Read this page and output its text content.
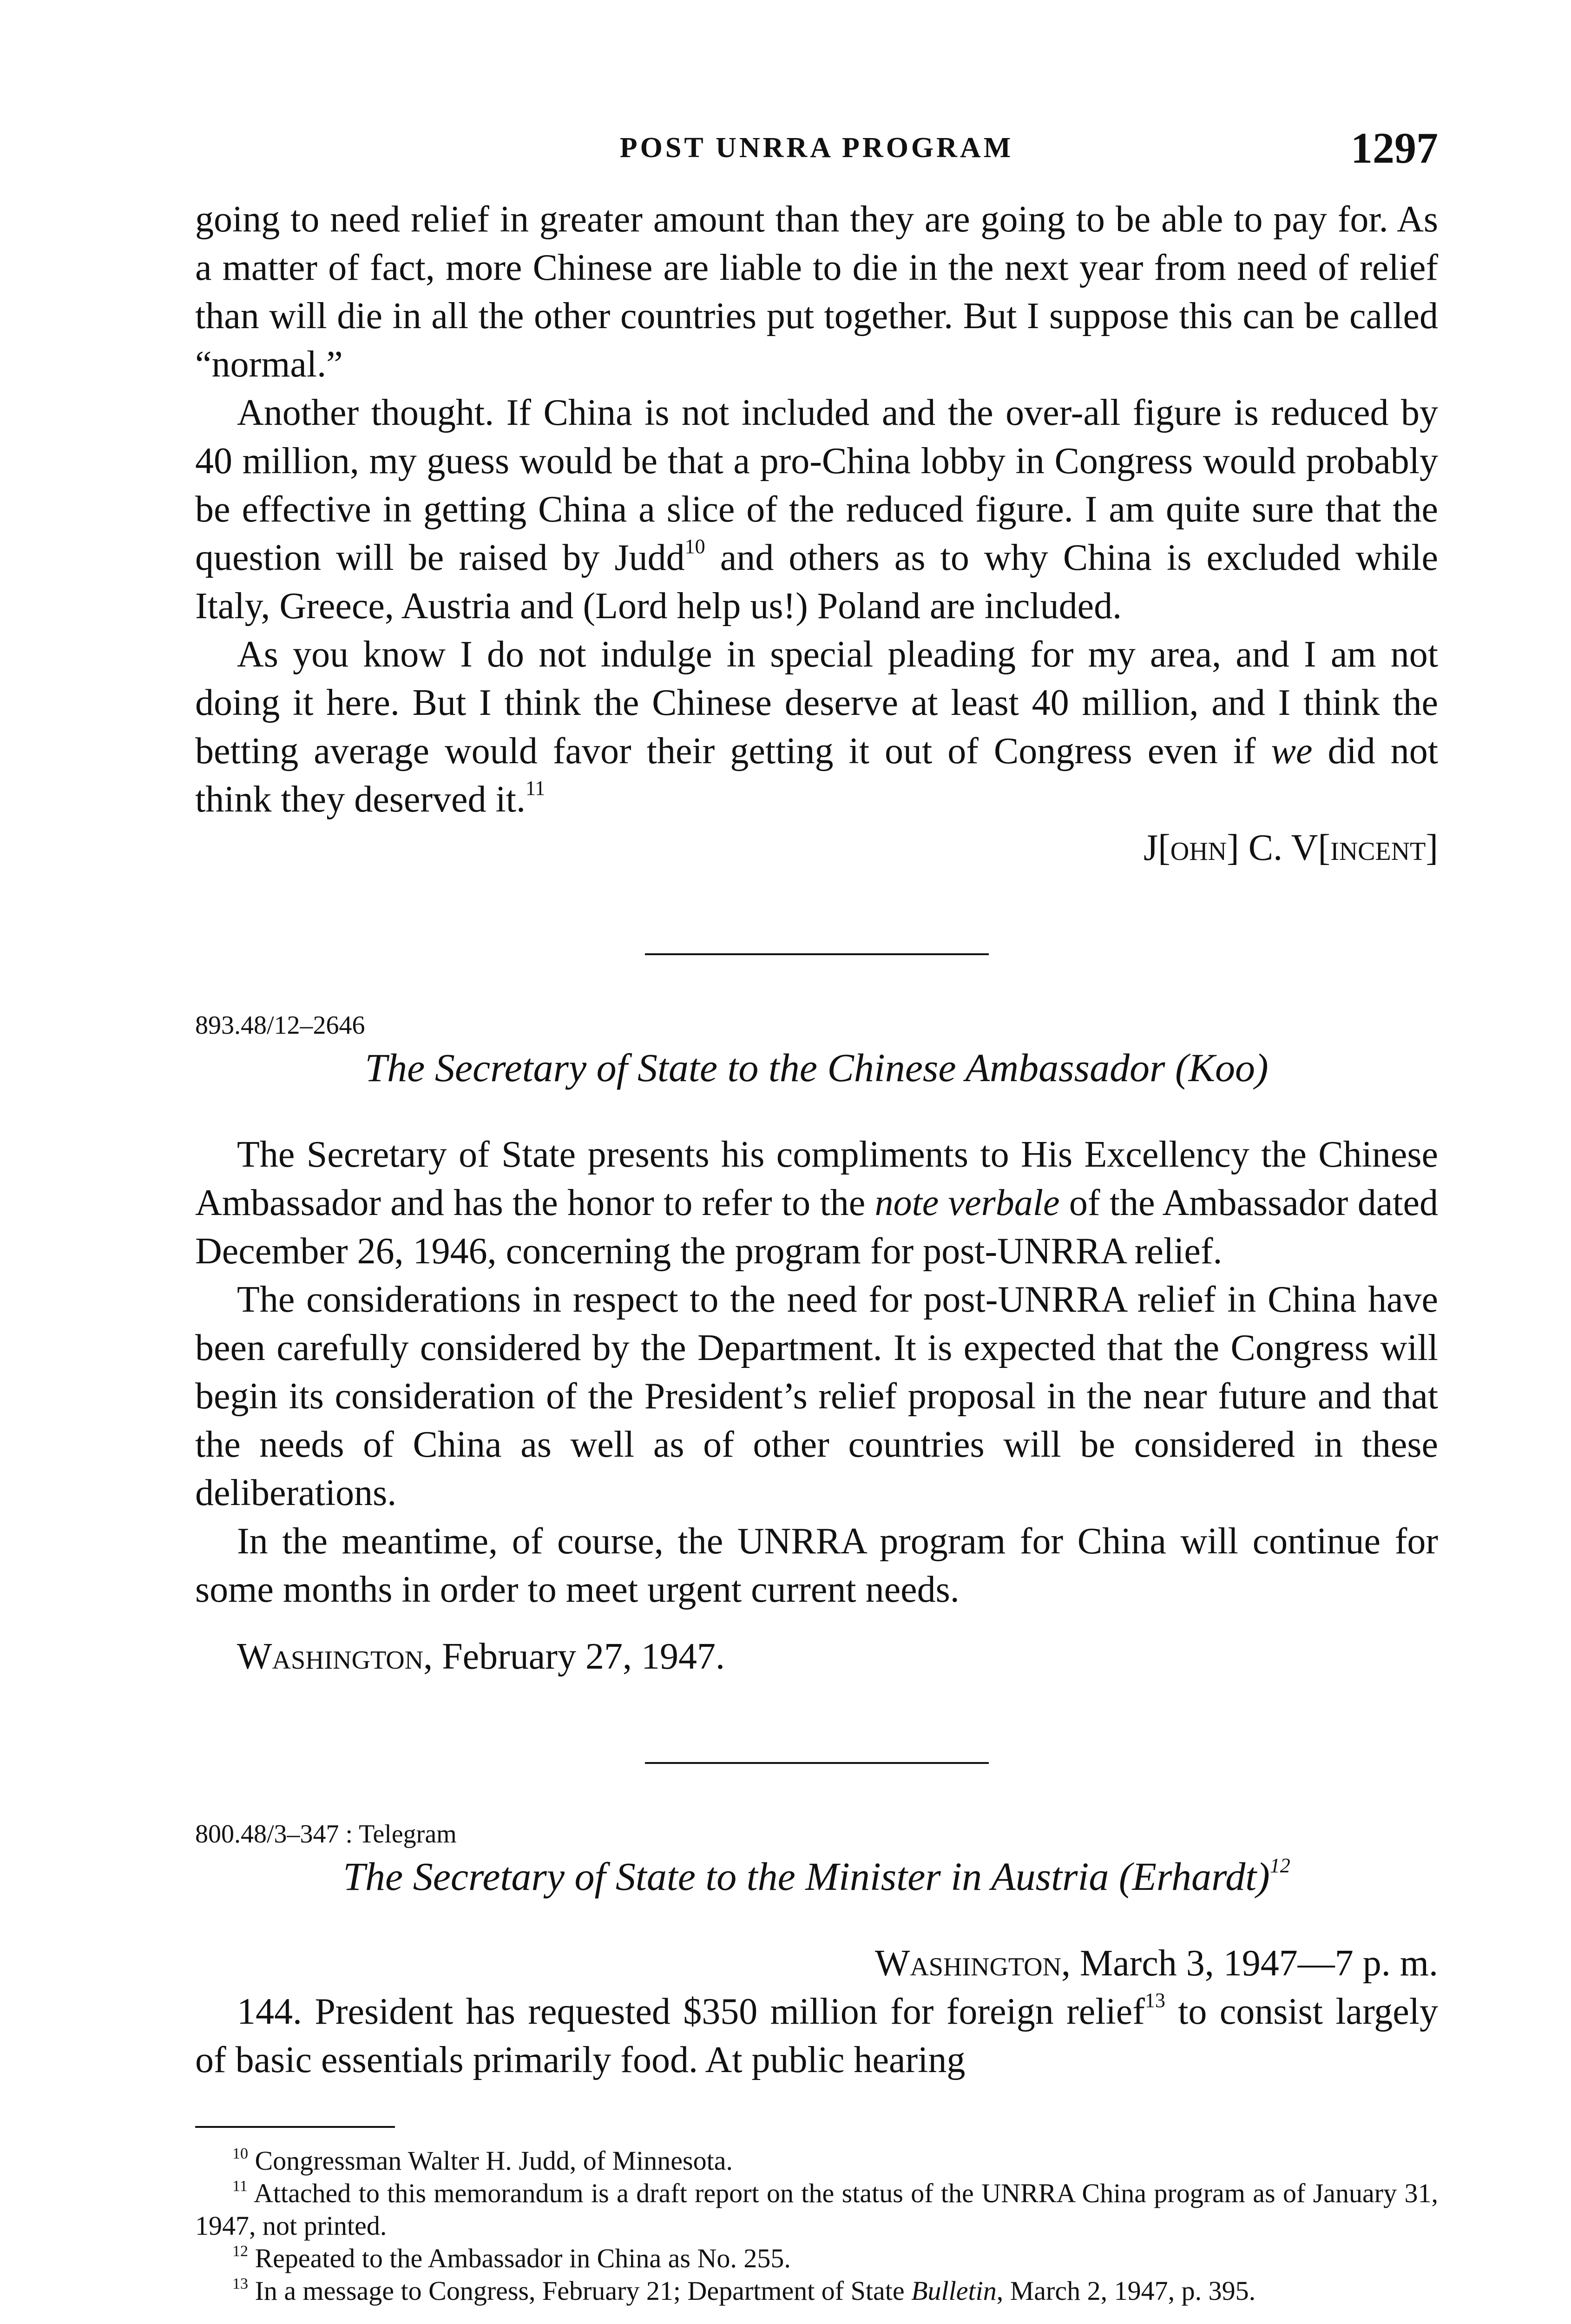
POST UNRRA PROGRAM	1297

going to need relief in greater amount than they are going to be able to pay for. As a matter of fact, more Chinese are liable to die in the next year from need of relief than will die in all the other countries put together. But I suppose this can be called “normal.”

Another thought. If China is not included and the over-all figure is reduced by 40 million, my guess would be that a pro-China lobby in Congress would probably be effective in getting China a slice of the reduced figure. I am quite sure that the question will be raised by Judd$^{10}$ and others as to why China is excluded while Italy, Greece, Austria and (Lord help us!) Poland are included.

As you know I do not indulge in special pleading for my area, and I am not doing it here. But I think the Chinese deserve at least 40 million, and I think the betting average would favor their getting it out of Congress even if we did not think they deserved it.$^{11}$

J[ohn] C. V[incent]

893.48/12–2646

The Secretary of State to the Chinese Ambassador (Koo)

The Secretary of State presents his compliments to His Excellency the Chinese Ambassador and has the honor to refer to the note verbale of the Ambassador dated December 26, 1946, concerning the program for post-UNRRA relief.

The considerations in respect to the need for post-UNRRA relief in China have been carefully considered by the Department. It is expected that the Congress will begin its consideration of the President’s relief proposal in the near future and that the needs of China as well as of other countries will be considered in these deliberations.

In the meantime, of course, the UNRRA program for China will continue for some months in order to meet urgent current needs.

Washington, February 27, 1947.

800.48/3–347 : Telegram

The Secretary of State to the Minister in Austria (Erhardt)$^{12}$

Washington, March 3, 1947—7 p. m.

144. President has requested $350 million for foreign relief$^{13}$ to consist largely of basic essentials primarily food. At public hearing

$^{10}$ Congressman Walter H. Judd, of Minnesota.

$^{11}$ Attached to this memorandum is a draft report on the status of the UNRRA China program as of January 31, 1947, not printed.

$^{12}$ Repeated to the Ambassador in China as No. 255.

$^{13}$ In a message to Congress, February 21; Department of State Bulletin, March 2, 1947, p. 395.
